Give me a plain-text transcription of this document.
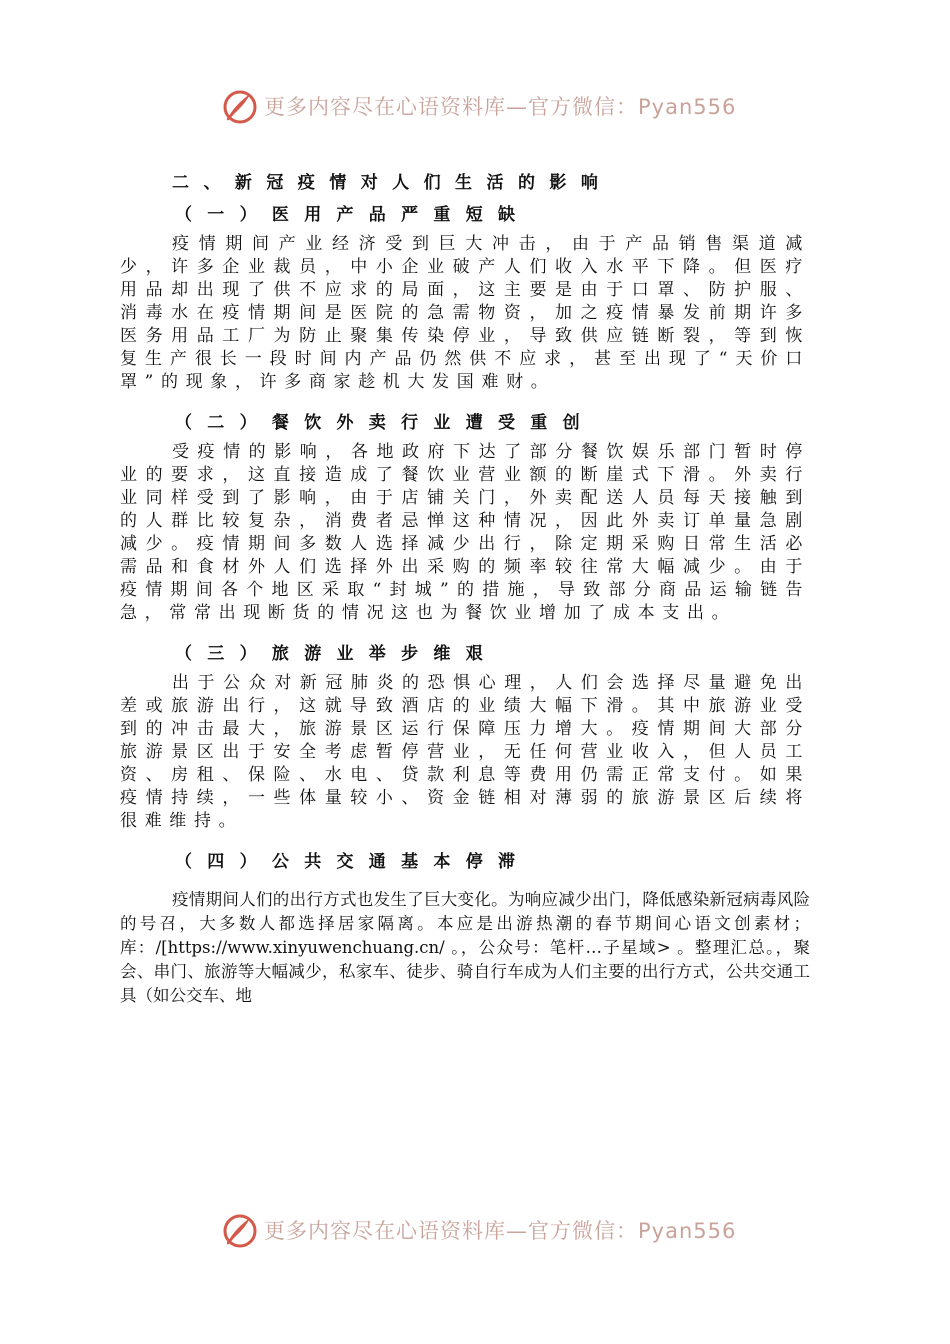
更多内容尽在心语资料库—官方微信：Pyan556
二、新冠疫情对人们生活的影响
（一）医用产品严重短缺

疫情期间产业经济受到巨大冲击，由于产品销售渠道减少，许多企业裁员，中小企业破产人们收入水平下降。但医疗用品却出现了供不应求的局面，这主要是由于口罩、防护服、消毒水在疫情期间是医院的急需物资，加之疫情暴发前期许多医务用品工厂为防止聚集传染停业，导致供应链断裂，等到恢复生产很长一段时间内产品仍然供不应求，甚至出现了“天价口罩”的现象，许多商家趁机大发国难财。

（二）餐饮外卖行业遭受重创

受疫情的影响，各地政府下达了部分餐饮娱乐部门暂时停业的要求，这直接造成了餐饮业营业额的断崖式下滑。外卖行业同样受到了影响，由于店铺关门，外卖配送人员每天接触到的人群比较复杂，消费者忌惮这种情况，因此外卖订单量急剧减少。疫情期间多数人选择减少出行，除定期采购日常生活必需品和食材外人们选择外出采购的频率较往常大幅减少。由于疫情期间各个地区采取“封城”的措施，导致部分商品运输链告急，常常出现断货的情况这也为餐饮业增加了成本支出。

（三）旅游业举步维艰

出于公众对新冠肺炎的恐惧心理，人们会选择尽量避免出差或旅游出行，这就导致酒店的业绩大幅下滑。其中旅游业受到的冲击最大，旅游景区运行保障压力增大。疫情期间大部分旅游景区出于安全考虑暂停营业，无任何营业收入，但人员工资、房租、保险、水电、贷款利息等费用仍需正常支付。如果疫情持续，一些体量较小、资金链相对薄弱的旅游景区后续将很难维持。

（四）公共交通基本停滞

疫情期间人们的出行方式也发生了巨大变化。为响应减少出门，降低感染新冠病毒风险的号召，大多数人都选择居家隔离。本应是出游热潮的春节期间心语文创素材；库：/[https://www.xinyuwenchuang.cn/ 。，公众号：笔杆…子星域> 。整理汇总。，聚会、串门、旅游等大幅减少，私家车、徒步、骑自行车成为人们主要的出行方式，公共交通工具（如公交车、地

更多内容尽在心语资料库—官方微信：Pyan556
